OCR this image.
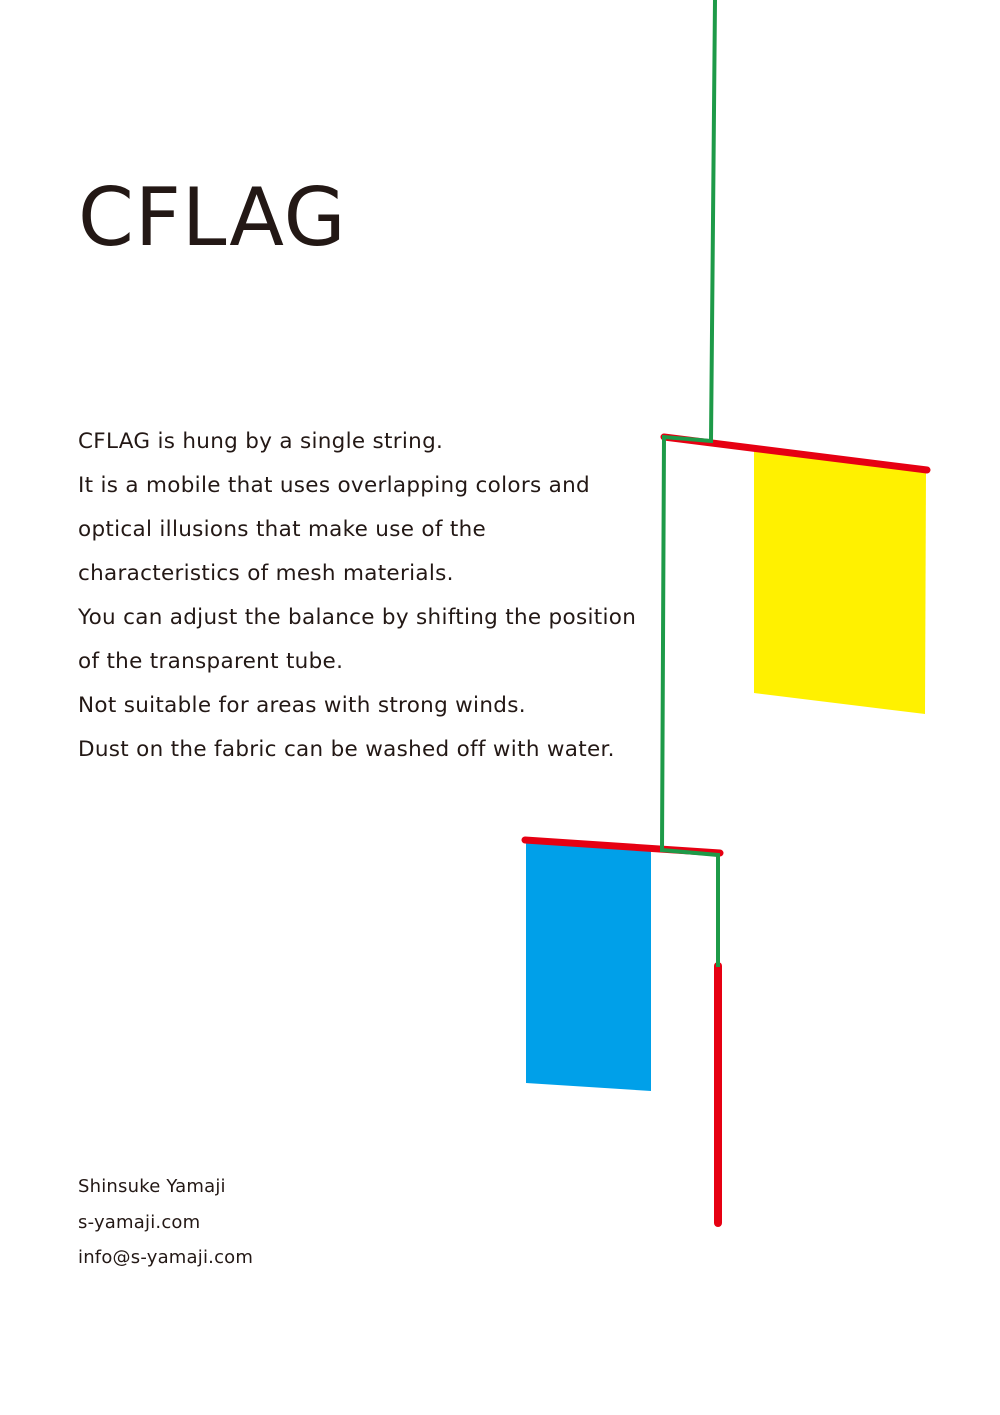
CFLAG
CFLAG is hung by a single string.
It is a mobile that uses overlapping colors and
optical illusions that make use of the
characteristics of mesh materials.
You can adjust the balance by shifting the position
of the transparent tube.
Not suitable for areas with strong winds.
Dust on the fabric can be washed off with water.
Shinsuke Yamaji
s-yamaji.com
info@s-yamaji.com
